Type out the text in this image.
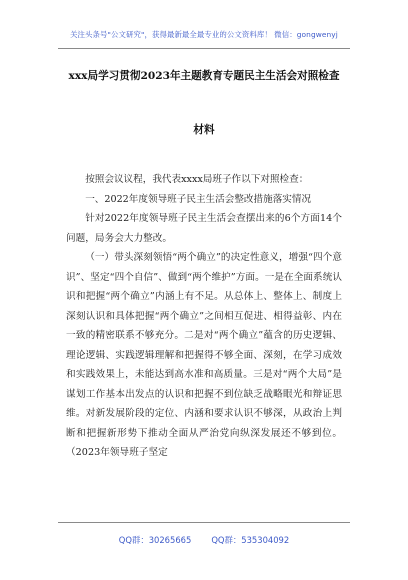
关注头条号"公文研究"，获得最新最全最专业的公文资料库！ 微信：gongwenyj
xxx局学习贯彻2023年主题教育专题民主生活会对照检查
材料

按照会议议程，我代表xxxx局班子作以下对照检查：

一、2022年度领导班子民主生活会整改措施落实情况

针对2022年度领导班子民主生活会查摆出来的6个方面14个问题，局务会大力整改。

（一）带头深刻领悟“两个确立”的决定性意义，增强“四个意识”、坚定“四个自信”、做到“两个维护”方面。一是在全面系统认识和把握“两个确立”内涵上有不足。从总体上、整体上、制度上深刻认识和具体把握“两个确立”之间相互促进、相得益彰、内在一致的精密联系不够充分。二是对“两个确立”蕴含的历史逻辑、理论逻辑、实践逻辑理解和把握得不够全面、深刻，在学习成效和实践效果上，未能达到高水准和高质量。三是对“两个大局”是谋划工作基本出发点的认识和把握不到位缺乏战略眼光和辩证思维。对新发展阶段的定位、内涵和要求认识不够深，从政治上判断和把握新形势下推动全面从严治党向纵深发展还不够到位。（2023年领导班子坚定

QQ群：30265665 QQ群：535304092
